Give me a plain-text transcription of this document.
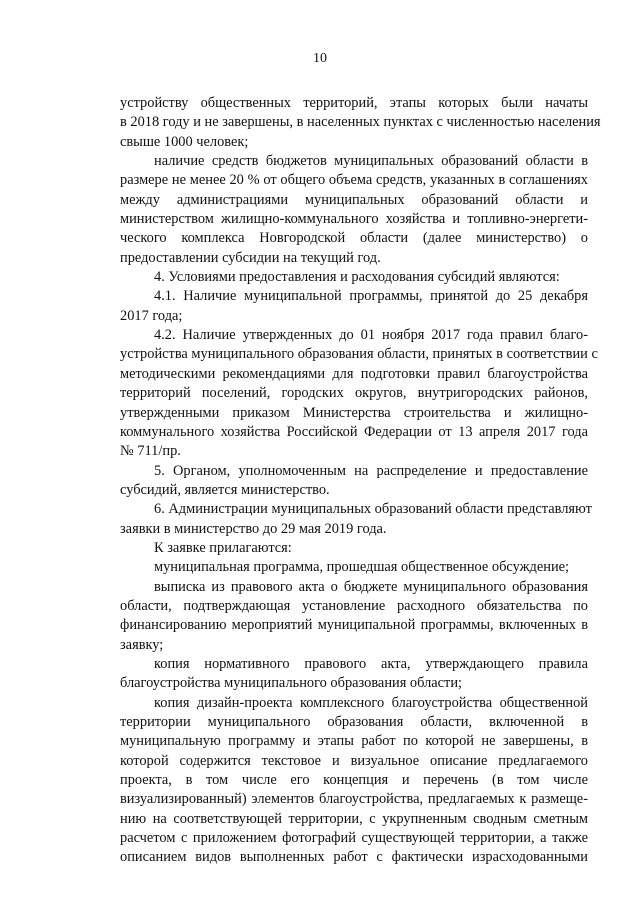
10
устройству общественных территорий, этапы которых были начаты
в 2018 году и не завершены, в населенных пунктах с численностью населения
свыше 1000 человек;
наличие средств бюджетов муниципальных образований области в
размере не менее 20 % от общего объема средств, указанных в соглашениях
между администрациями муниципальных образований области и
министерством жилищно-коммунального хозяйства и топливно-энергети-
ческого комплекса Новгородской области (далее министерство) о
предоставлении субсидии на текущий год.
4. Условиями предоставления и расходования субсидий являются:
4.1. Наличие муниципальной программы, принятой до 25 декабря
2017 года;
4.2. Наличие утвержденных до 01 ноября 2017 года правил благо-
устройства муниципального образования области, принятых в соответствии с
методическими рекомендациями для подготовки правил благоустройства
территорий поселений, городских округов, внутригородских районов,
утвержденными приказом Министерства строительства и жилищно-
коммунального хозяйства Российской Федерации от 13 апреля 2017 года
№ 711/пр.
5. Органом, уполномоченным на распределение и предоставление
субсидий, является министерство.
6. Администрации муниципальных образований области представляют
заявки в министерство до 29 мая 2019 года.
К заявке прилагаются:
муниципальная программа, прошедшая общественное обсуждение;
выписка из правового акта о бюджете муниципального образования
области, подтверждающая установление расходного обязательства по
финансированию мероприятий муниципальной программы, включенных в
заявку;
копия нормативного правового акта, утверждающего правила
благоустройства муниципального образования области;
копия дизайн-проекта комплексного благоустройства общественной
территории муниципального образования области, включенной в
муниципальную программу и этапы работ по которой не завершены, в
которой содержится текстовое и визуальное описание предлагаемого
проекта, в том числе его концепция и перечень (в том числе
визуализированный) элементов благоустройства, предлагаемых к размеще-
нию на соответствующей территории, с укрупненным сводным сметным
расчетом с приложением фотографий существующей территории, а также
описанием видов выполненных работ с фактически израсходованными
